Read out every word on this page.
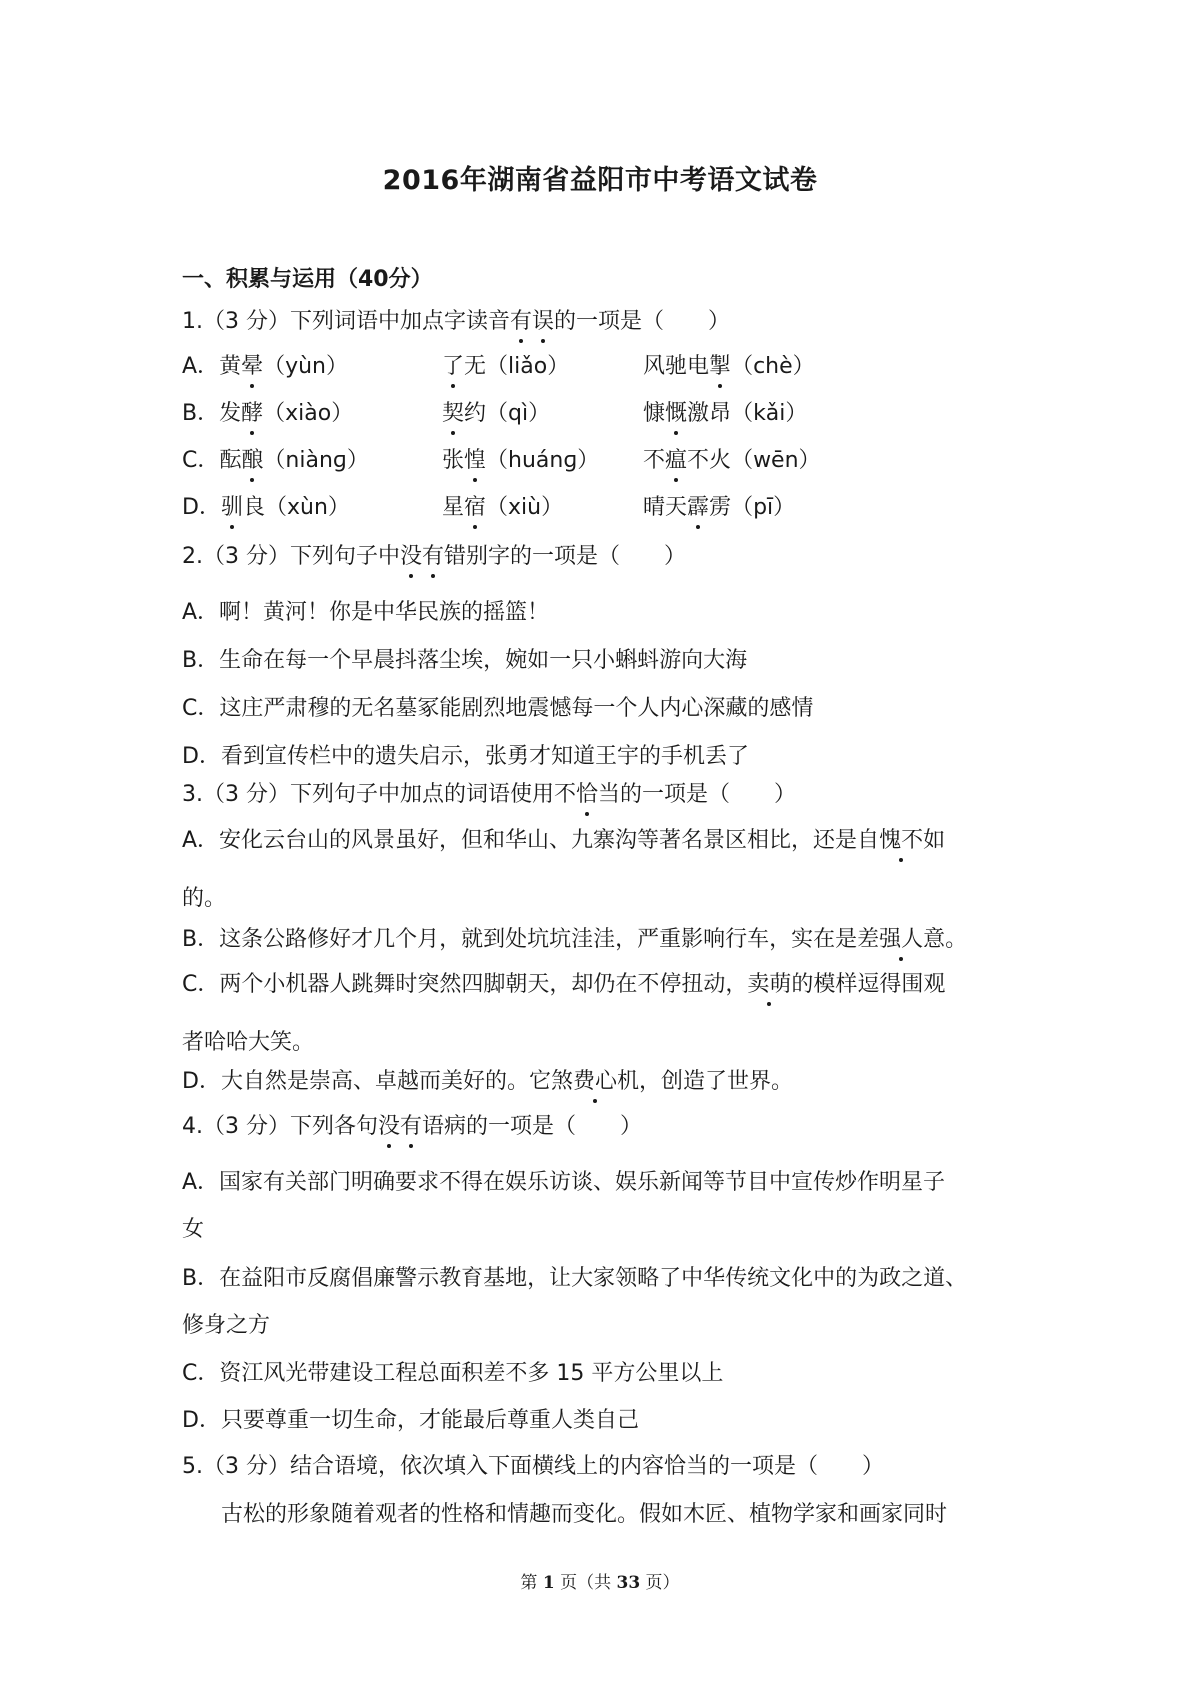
2016年湖南省益阳市中考语文试卷
一、积累与运用（40分）
1.（3 分）下列词语中加点字读音有误的一项是（　　）
A．黄晕（yùn）	了无（liǎo）	风驰电掣（chè）
B．发酵（xiào）	契约（qì）	慷慨激昂（kǎi）
C．酝酿（niànɡ）	张惶（huánɡ） 不瘟不火（wēn）
D．驯良（xùn）	星宿（xiù）	晴天霹雳（pī）
2.（3 分）下列句子中没有错别字的一项是（　　）
A．啊！黄河！你是中华民族的摇篮！
B．生命在每一个早晨抖落尘埃，婉如一只小蝌蚪游向大海
C．这庄严肃穆的无名墓冢能剧烈地震憾每一个人内心深藏的感情
D．看到宣传栏中的遗失启示，张勇才知道王宇的手机丢了
3.（3 分）下列句子中加点的词语使用不恰当的一项是（　　）
A．安化云台山的风景虽好，但和华山、九寨沟等著名景区相比，还是自愧不如
的。
B．这条公路修好才几个月，就到处坑坑洼洼，严重影响行车，实在是差强人意。
C．两个小机器人跳舞时突然四脚朝天，却仍在不停扭动，卖萌的模样逗得围观
者哈哈大笑。
D．大自然是崇高、卓越而美好的。它煞费心机，创造了世界。
4.（3 分）下列各句没有语病的一项是（　　）
A．国家有关部门明确要求不得在娱乐访谈、娱乐新闻等节目中宣传炒作明星子
女
B．在益阳市反腐倡廉警示教育基地，让大家领略了中华传统文化中的为政之道、
修身之方
C．资江风光带建设工程总面积差不多 15 平方公里以上
D．只要尊重一切生命，才能最后尊重人类自己
5.（3 分）结合语境，依次填入下面横线上的内容恰当的一项是（　　）
古松的形象随着观者的性格和情趣而变化。假如木匠、植物学家和画家同时
第 1 页（共 33 页）
